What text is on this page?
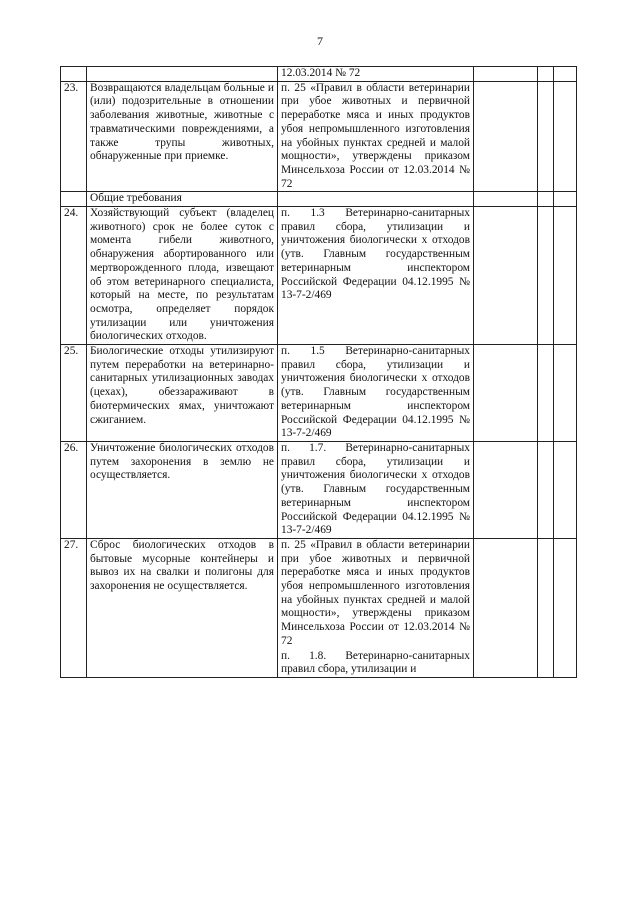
7

		12.03.2014 № 72			

23.	Возвращаются владельцам больные и (или) подозрительные в отношении заболевания животные, животные с травматическими повреждениями, а также трупы животных, обнаруженные при приемке.	п. 25 «Правил в области ветеринарии при убое животных и первичной переработке мяса и иных продуктов убоя непромышленного изготовления на убойных пунктах средней и малой мощности», утверждены приказом Минсельхоза России от 12.03.2014 № 72			

	Общие требования				
24.	Хозяйствующий субъект (владелец животного) срок не более суток с момента гибели животного, обнаружения абортированного или мертворожденного плода, извещают об этом ветеринарного специалиста, который на месте, по результатам осмотра, определяет порядок утилизации или уничтожения биологических отходов.	п. 1.3 Ветеринарно-санитарных правил сбора, утилизации и уничтожения биологически х отходов (утв. Главным государственным ветеринарным инспектором Российской Федерации 04.12.1995 № 13-7-2/469			

25.	Биологические отходы утилизируют путем переработки на ветеринарно-санитарных утилизационных заводах (цехах), обеззараживают в биотермических ямах, уничтожают сжиганием.	п. 1.5 Ветеринарно-санитарных правил сбора, утилизации и уничтожения биологически х отходов (утв. Главным государственным ветеринарным инспектором Российской Федерации 04.12.1995 № 13-7-2/469			

26.	Уничтожение биологических отходов путем захоронения в землю не осуществляется.	п. 1.7. Ветеринарно-санитарных правил сбора, утилизации и уничтожения биологически х отходов (утв. Главным государственным ветеринарным инспектором Российской Федерации 04.12.1995 № 13-7-2/469			

27.	Сброс биологических отходов в бытовые мусорные контейнеры и вывоз их на свалки и полигоны для захоронения не осуществляется.	п. 25 «Правил в области ветеринарии при убое животных и первичной переработке мяса и иных продуктов убоя непромышленного изготовления на убойных пунктах средней и малой мощности», утверждены приказом Минсельхоза России от 12.03.2014 № 72
п. 1.8. Ветеринарно-санитарных правил сбора, утилизации и			
